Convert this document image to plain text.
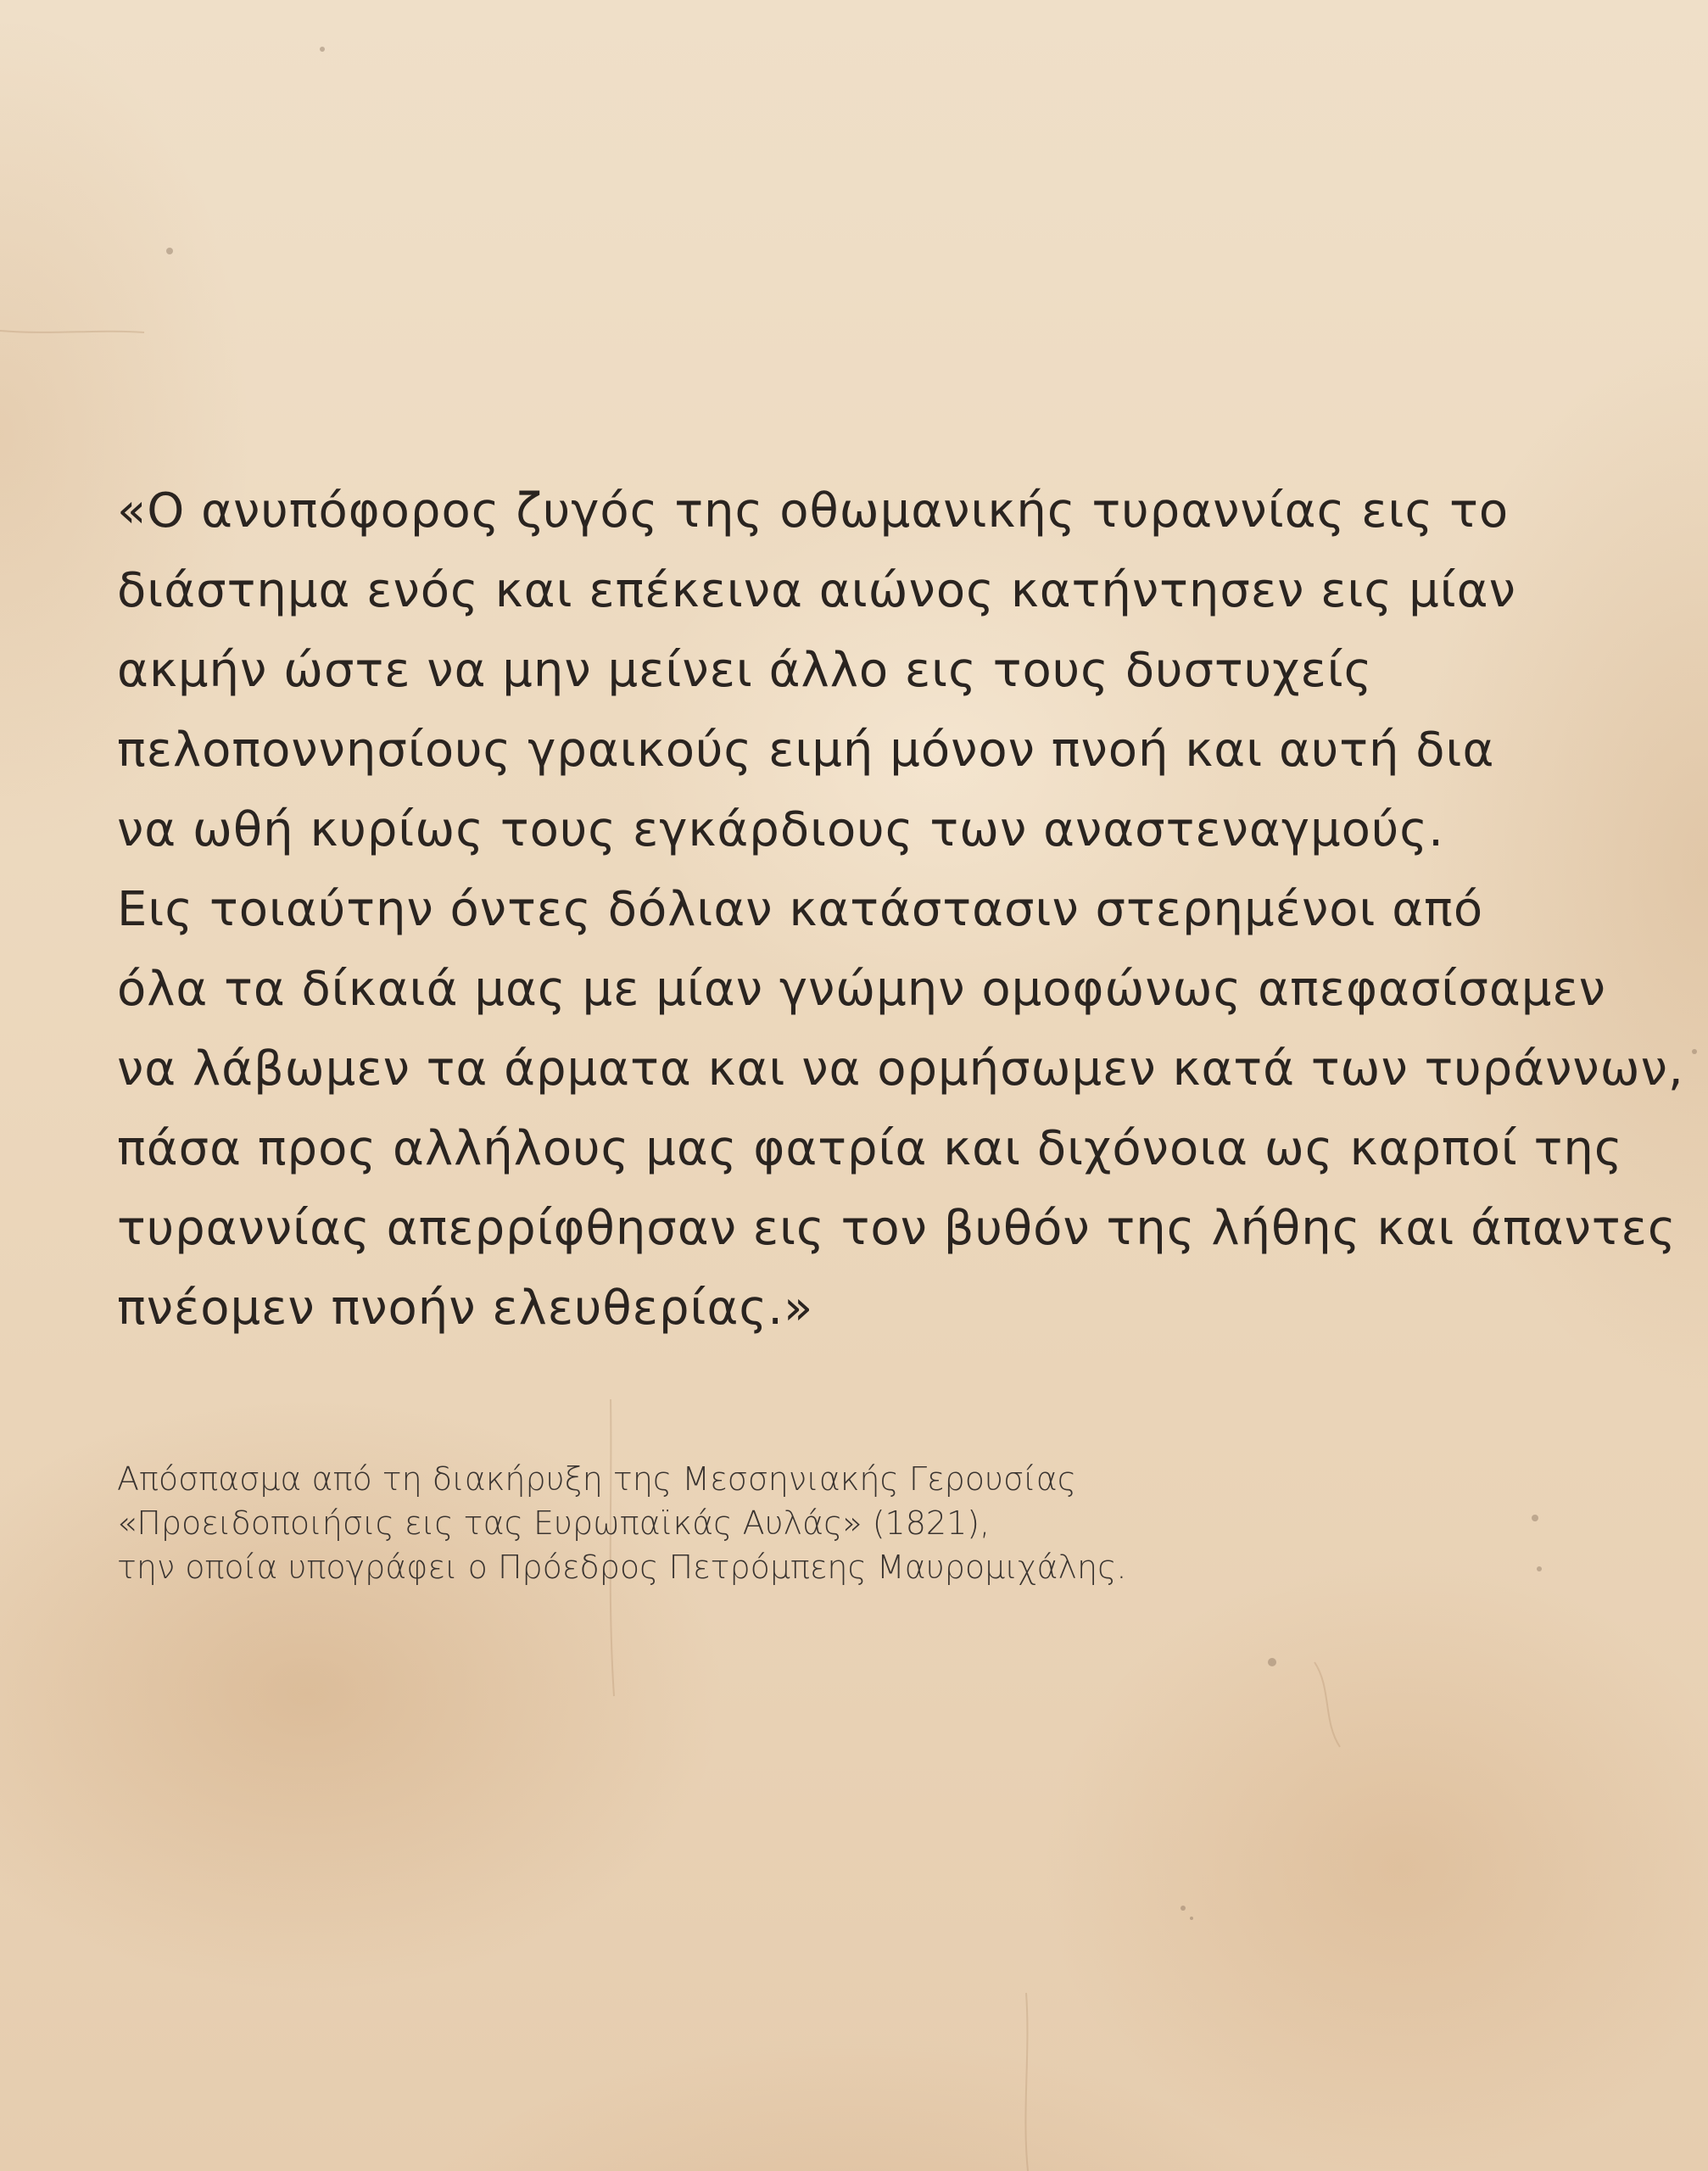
«Ο ανυπόφορος ζυγός της οθωμανικής τυραννίας εις το
διάστημα ενός και επέκεινα αιώνος κατήντησεν εις μίαν
ακμήν ώστε να μην μείνει άλλο εις τους δυστυχείς
πελοποννησίους γραικούς ειμή μόνον πνοή και αυτή δια
να ωθή κυρίως τους εγκάρδιους των αναστεναγμούς.
Εις τοιαύτην όντες δόλιαν κατάστασιν στερημένοι από
όλα τα δίκαιά μας με μίαν γνώμην ομοφώνως απεφασίσαμεν
να λάβωμεν τα άρματα και να ορμήσωμεν κατά των τυράννων,
πάσα προς αλλήλους μας φατρία και διχόνοια ως καρποί της
τυραννίας απερρίφθησαν εις τον βυθόν της λήθης και άπαντες
πνέομεν πνοήν ελευθερίας.»
Απόσπασμα από τη διακήρυξη της Μεσσηνιακής Γερουσίας
«Προειδοποιήσις εις τας Ευρωπαϊκάς Αυλάς» (1821),
την οποία υπογράφει ο Πρόεδρος Πετρόμπεης Μαυρομιχάλης.
